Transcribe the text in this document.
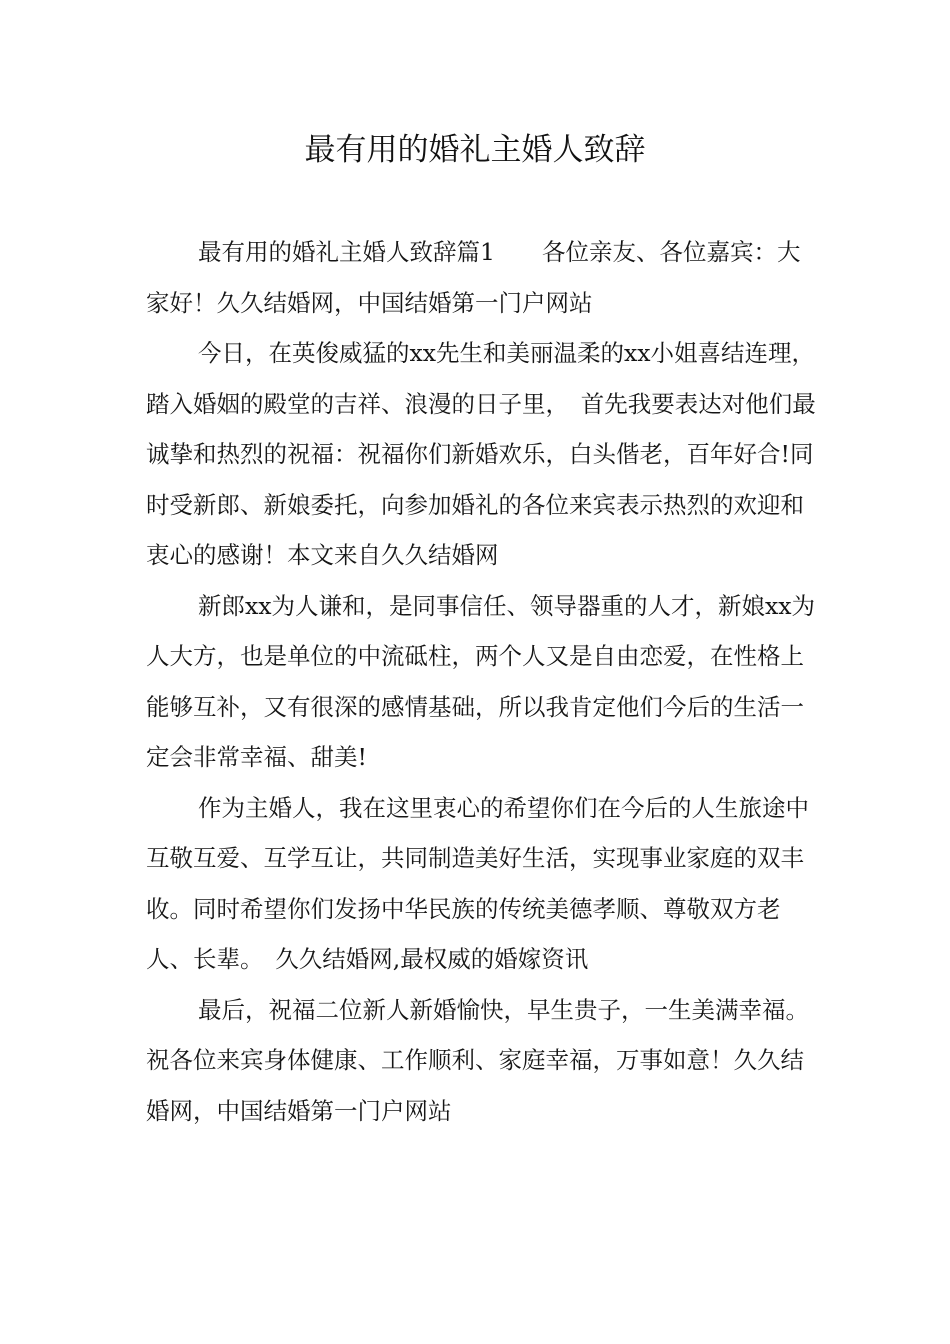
最有用的婚礼主婚人致辞

最有用的婚礼主婚人致辞篇1　　各位亲友、各位嘉宾：大家好！久久结婚网，中国结婚第一门户网站

今日，在英俊威猛的xx先生和美丽温柔的xx小姐喜结连理，踏入婚姻的殿堂的吉祥、浪漫的日子里，　首先我要表达对他们最诚挚和热烈的祝福：祝福你们新婚欢乐，白头偕老，百年好合!同时受新郎、新娘委托，向参加婚礼的各位来宾表示热烈的欢迎和衷心的感谢！本文来自久久结婚网

新郎xx为人谦和，是同事信任、领导器重的人才，新娘xx为人大方，也是单位的中流砥柱，两个人又是自由恋爱，在性格上能够互补，又有很深的感情基础，所以我肯定他们今后的生活一定会非常幸福、甜美!

作为主婚人，我在这里衷心的希望你们在今后的人生旅途中互敬互爱、互学互让，共同制造美好生活，实现事业家庭的双丰收。同时希望你们发扬中华民族的传统美德孝顺、尊敬双方老人、长辈。　久久结婚网,最权威的婚嫁资讯

最后，祝福二位新人新婚愉快，早生贵子，一生美满幸福。　祝各位来宾身体健康、工作顺利、家庭幸福，万事如意！久久结婚网，中国结婚第一门户网站
